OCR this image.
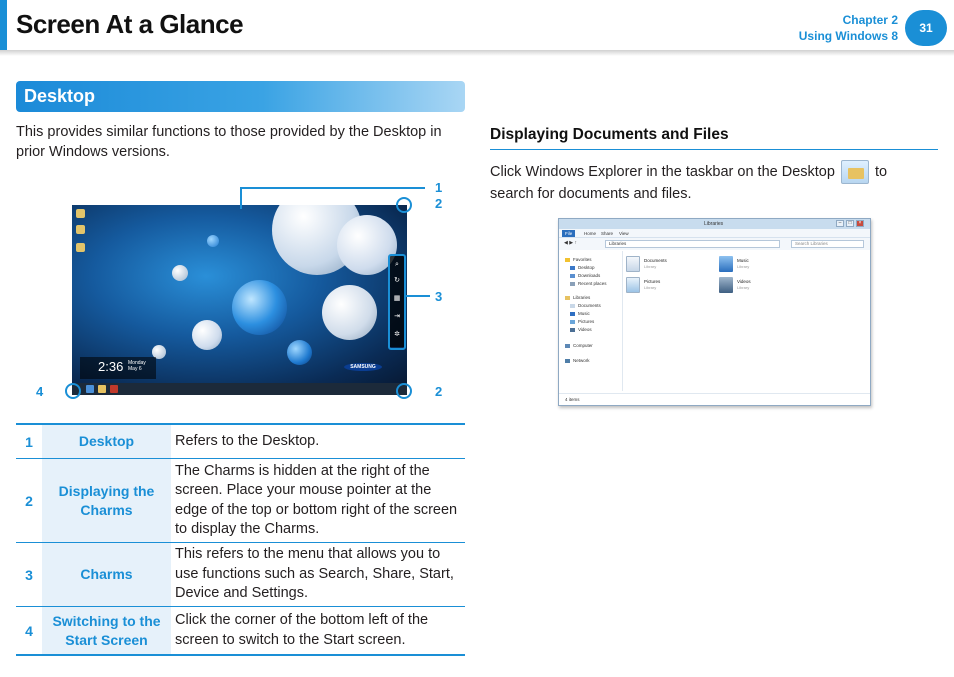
Screen At a Glance	Chapter 2
Using Windows 8
31
Desktop
This provides similar functions to those provided by the Desktop in prior Windows versions.
2:36 Monday
May 6	SAMSUNG
⌕
↻
▦
⇥
✲
1
2
3
4	2
1	Desktop	Refers to the Desktop.
2
Displaying the Charms
The Charms is hidden at the right of the screen. Place your mouse pointer at the edge of the top or bottom right of the screen to display the Charms.
3	Charms
This refers to the menu that allows you to use functions such as Search, Share, Start, Device and Settings.
4
Switching to the Start Screen
Click the corner of the bottom left of the screen to switch to the Start screen.
Displaying Documents and Files
Click Windows Explorer in the taskbar on the Desktop	to search for documents and files.
Libraries	–	□	×
File	Home Share View
◀ ▶ ↑	Libraries	Search Libraries
Favorites
Desktop
Downloads
Recent places
Libraries
Documents
Music
Pictures
Videos
Computer
Network
Documents
Library
Music
Library
Pictures
Library
Videos
Library
4 items
